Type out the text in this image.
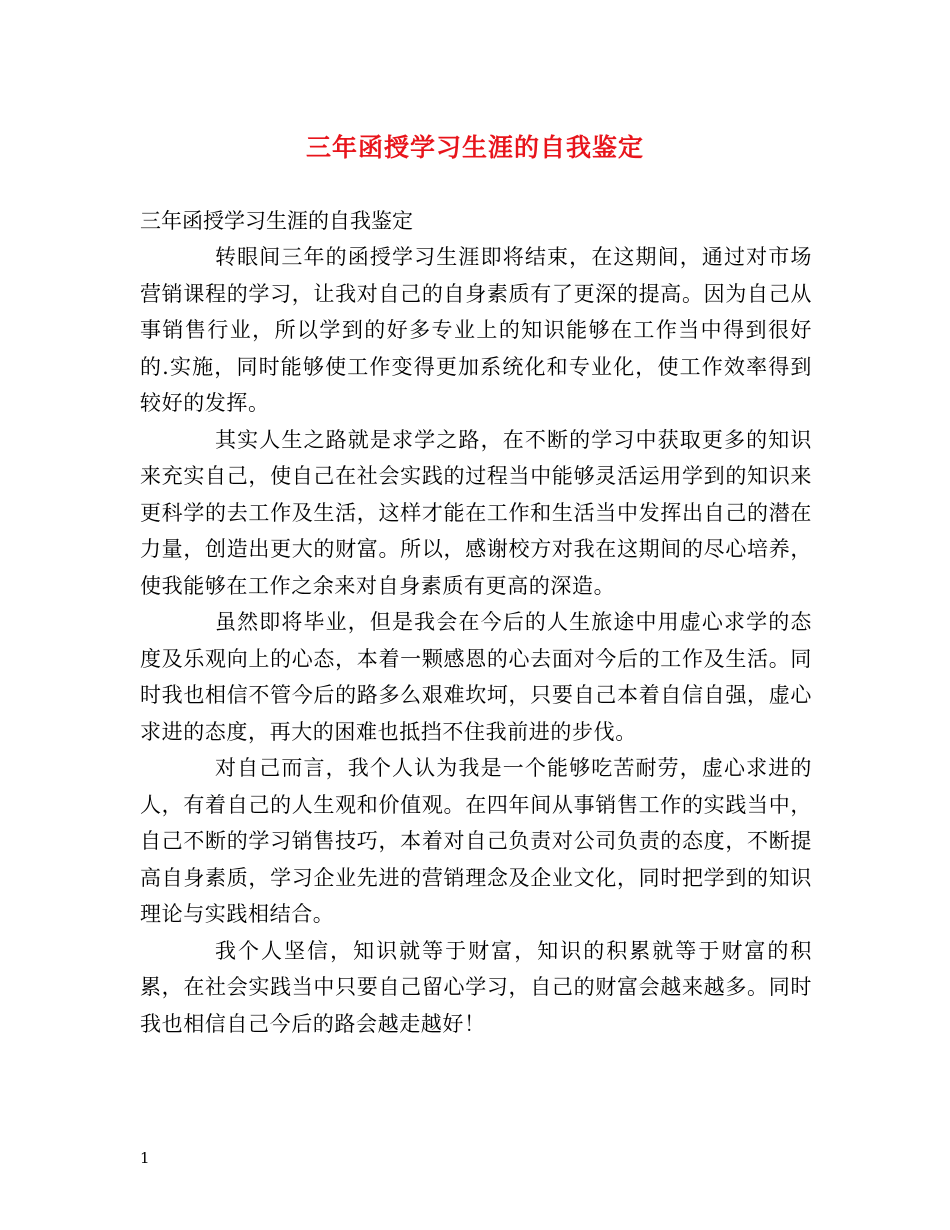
三年函授学习生涯的自我鉴定

三年函授学习生涯的自我鉴定

转眼间三年的函授学习生涯即将结束，在这期间，通过对市场营销课程的学习，让我对自己的自身素质有了更深的提高。因为自己从事销售行业，所以学到的好多专业上的知识能够在工作当中得到很好的.实施，同时能够使工作变得更加系统化和专业化，使工作效率得到较好的发挥。

其实人生之路就是求学之路，在不断的学习中获取更多的知识来充实自己，使自己在社会实践的过程当中能够灵活运用学到的知识来更科学的去工作及生活，这样才能在工作和生活当中发挥出自己的潜在力量，创造出更大的财富。所以，感谢校方对我在这期间的尽心培养，使我能够在工作之余来对自身素质有更高的深造。

虽然即将毕业，但是我会在今后的人生旅途中用虚心求学的态度及乐观向上的心态，本着一颗感恩的心去面对今后的工作及生活。同时我也相信不管今后的路多么艰难坎坷，只要自己本着自信自强，虚心求进的态度，再大的困难也抵挡不住我前进的步伐。

对自己而言，我个人认为我是一个能够吃苦耐劳，虚心求进的人，有着自己的人生观和价值观。在四年间从事销售工作的实践当中，自己不断的学习销售技巧，本着对自己负责对公司负责的态度，不断提高自身素质，学习企业先进的营销理念及企业文化，同时把学到的知识理论与实践相结合。

我个人坚信，知识就等于财富，知识的积累就等于财富的积累，在社会实践当中只要自己留心学习，自己的财富会越来越多。同时我也相信自己今后的路会越走越好！

1
